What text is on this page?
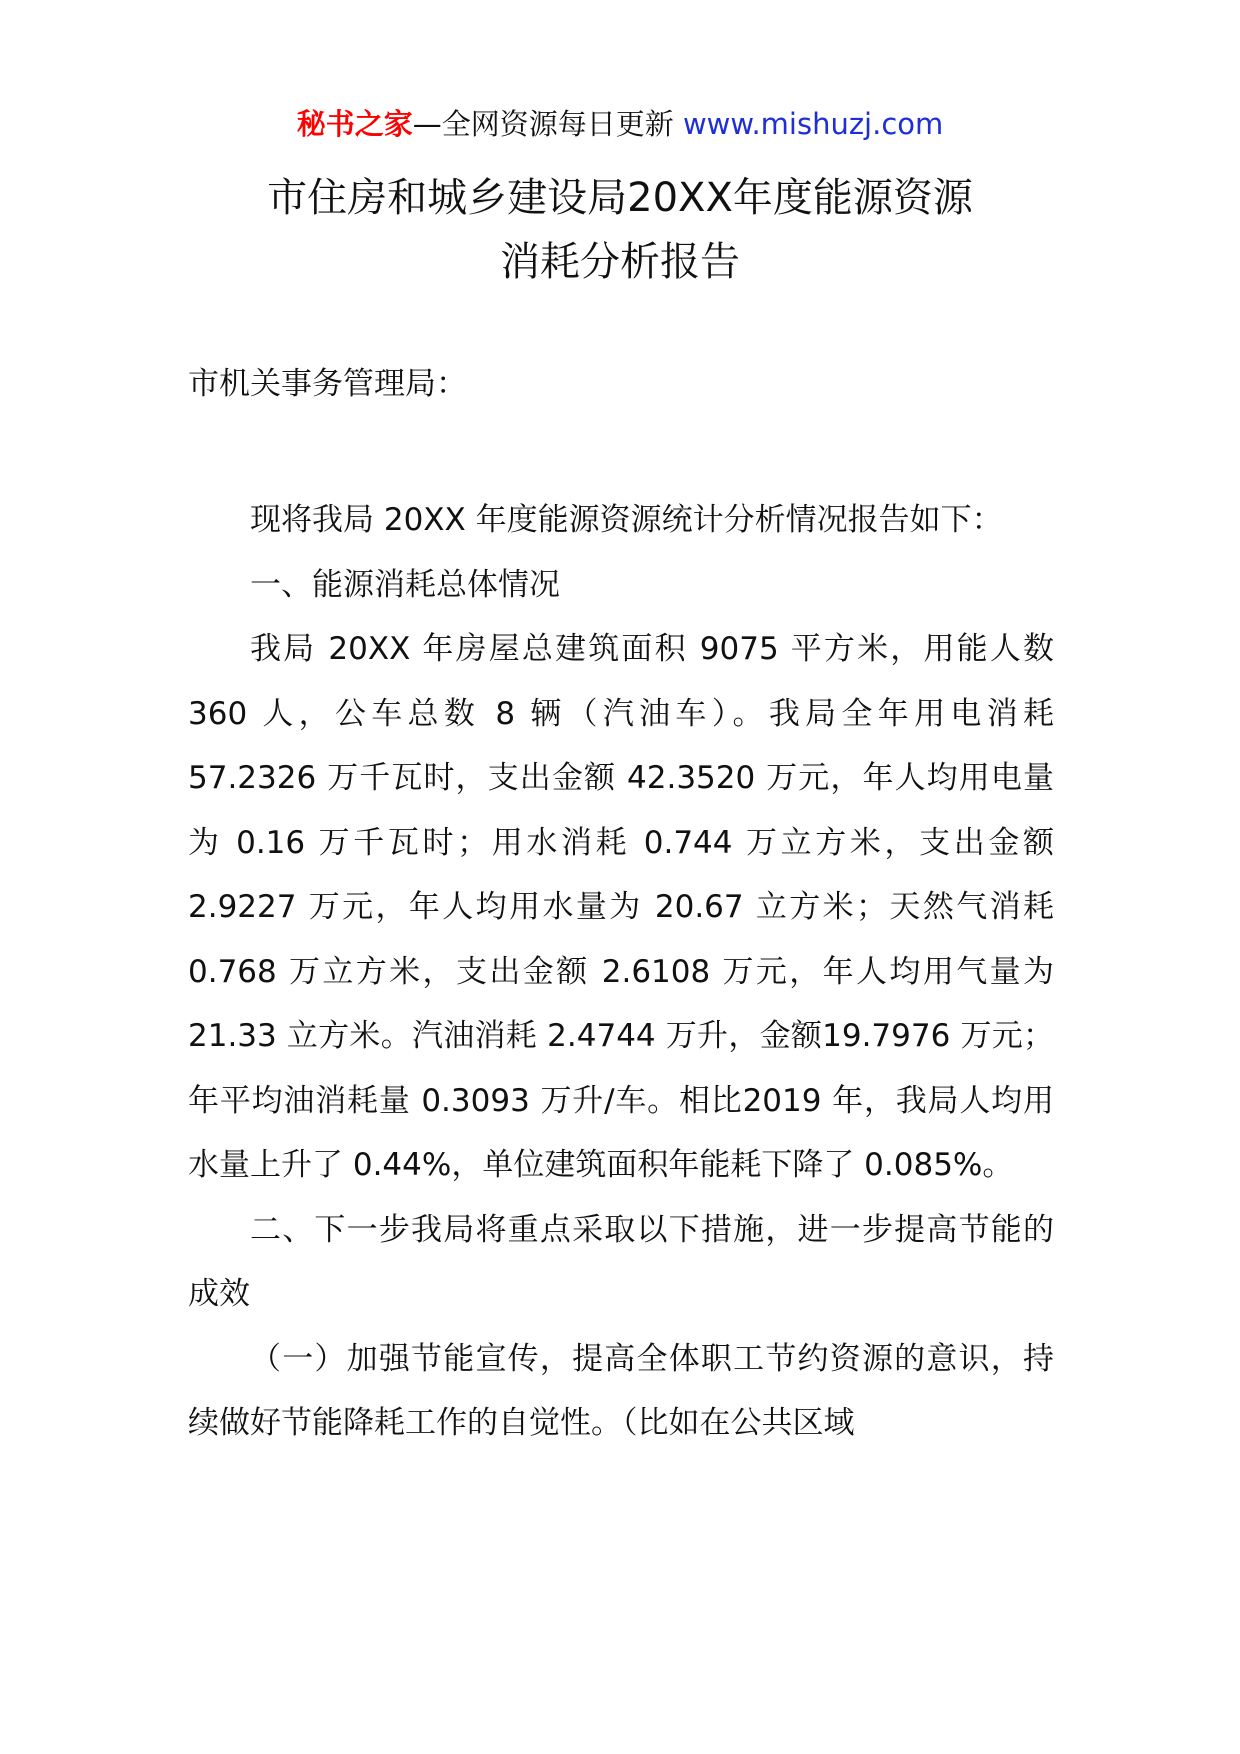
秘书之家—全网资源每日更新 www.mishuzj.com
市住房和城乡建设局20XX年度能源资源
消耗分析报告
市机关事务管理局：

现将我局 20XX 年度能源资源统计分析情况报告如下：

一、能源消耗总体情况

我局 20XX 年房屋总建筑面积 9075 平方米，用能人数 360 人，公车总数 8 辆（汽油车）。我局全年用电消耗57.2326 万千瓦时，支出金额 42.3520 万元，年人均用电量为 0.16 万千瓦时；用水消耗 0.744 万立方米，支出金额 2.9227 万元，年人均用水量为 20.67 立方米；天然气消耗 0.768 万立方米，支出金额 2.6108 万元，年人均用气量为 21.33 立方米。汽油消耗 2.4744 万升，金额19.7976 万元；年平均油消耗量 0.3093 万升/车。相比2019 年，我局人均用水量上升了 0.44%，单位建筑面积年能耗下降了 0.085%。

二、下一步我局将重点采取以下措施，进一步提高节能的成效

（一）加强节能宣传，提高全体职工节约资源的意识，持续做好节能降耗工作的自觉性。（比如在公共区域
